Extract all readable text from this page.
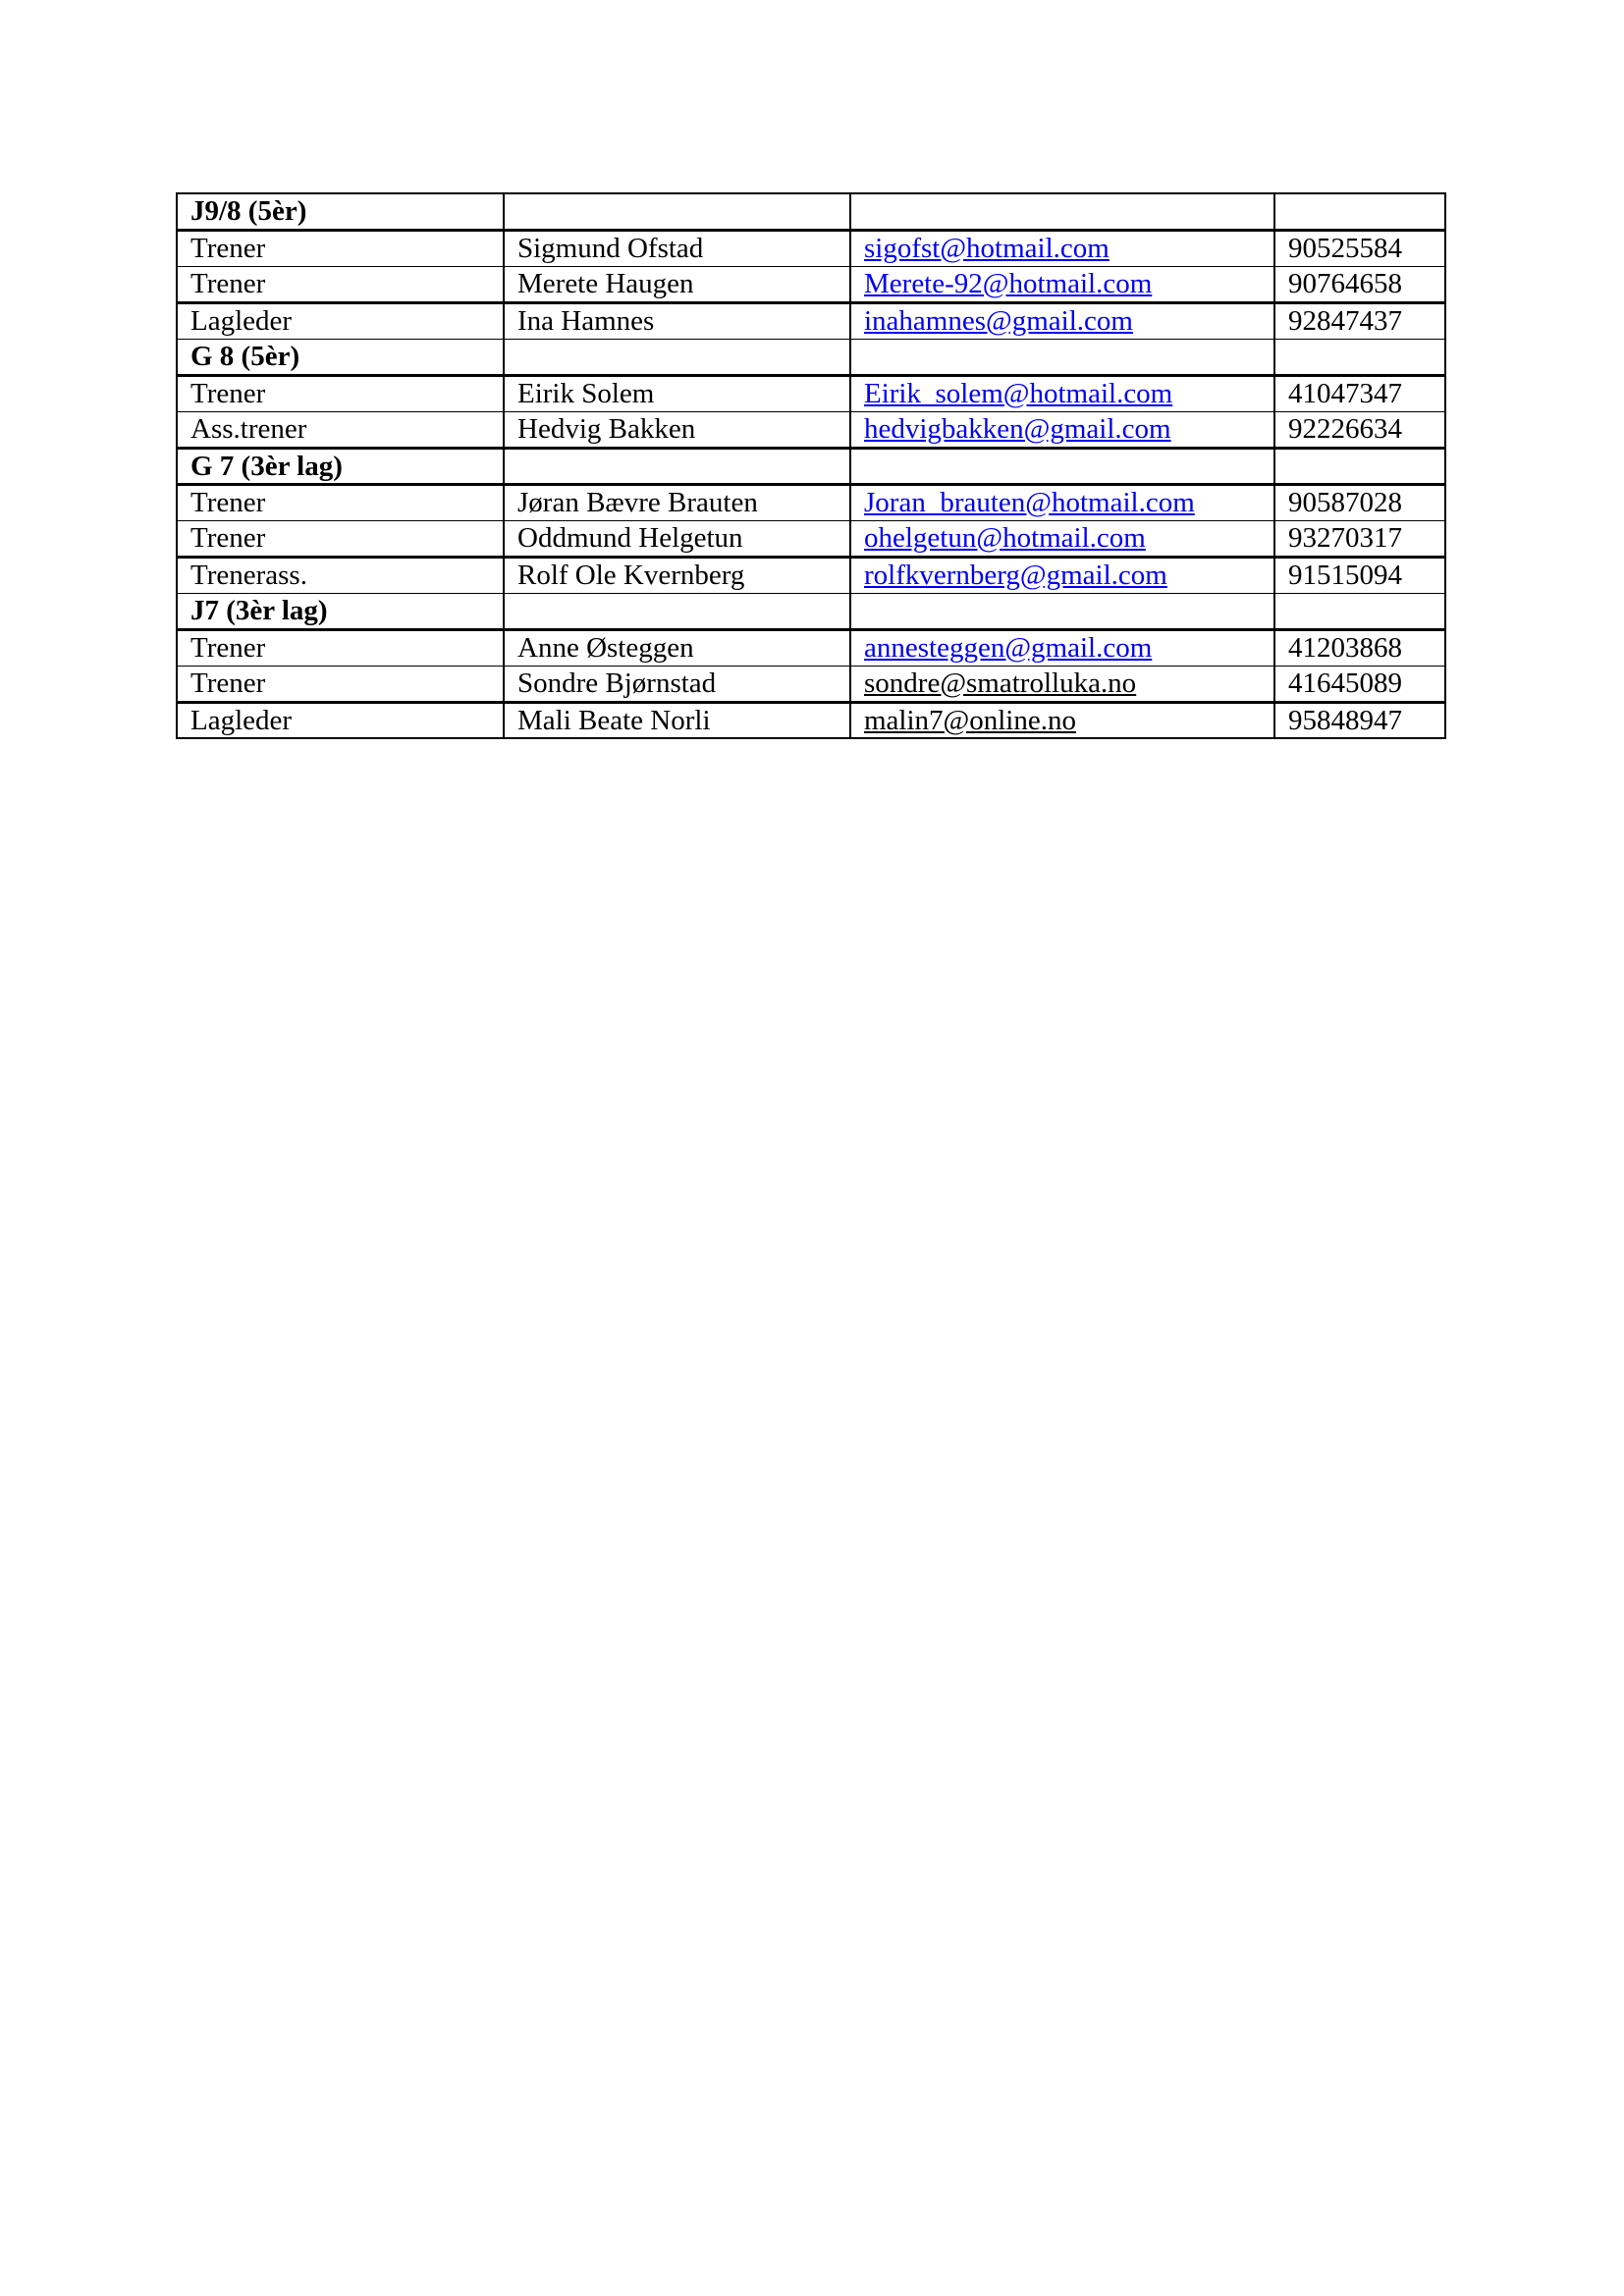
J9/8 (5èr)			
Trener	Sigmund Ofstad	sigofst@hotmail.com	90525584
Trener	Merete Haugen	Merete-92@hotmail.com	90764658
Lagleder	Ina Hamnes	inahamnes@gmail.com	92847437
G 8 (5èr)			
Trener	Eirik Solem	Eirik_solem@hotmail.com	41047347
Ass.trener	Hedvig Bakken	hedvigbakken@gmail.com	92226634
G 7 (3èr lag)			
Trener	Jøran Bævre Brauten	Joran_brauten@hotmail.com	90587028
Trener	Oddmund Helgetun	ohelgetun@hotmail.com	93270317
Trenerass.	Rolf Ole Kvernberg	rolfkvernberg@gmail.com	91515094
J7 (3èr lag)			
Trener	Anne Østeggen	annesteggen@gmail.com	41203868
Trener	Sondre Bjørnstad	sondre@smatrolluka.no	41645089
Lagleder	Mali Beate Norli	malin7@online.no	95848947
